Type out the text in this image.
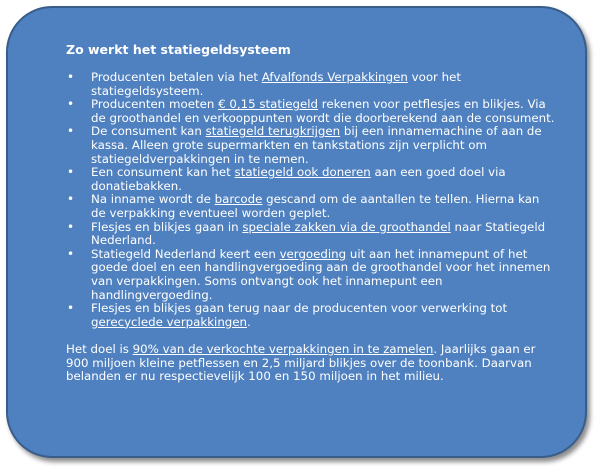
Zo werkt het statiegeldsysteem
• Producenten betalen via het Afvalfonds Verpakkingen voor het statiegeldsysteem.
• Producenten moeten € 0,15 statiegeld rekenen voor petflesjes en blikjes. Via de groothandel en verkooppunten wordt die doorberekend aan de consument.
• De consument kan statiegeld terugkrijgen bij een innamemachine of aan de kassa. Alleen grote supermarkten en tankstations zijn verplicht om statiegeldverpakkingen in te nemen.
• Een consument kan het statiegeld ook doneren aan een goed doel via donatiebakken.
• Na inname wordt de barcode gescand om de aantallen te tellen. Hierna kan de verpakking eventueel worden geplet.
• Flesjes en blikjes gaan in speciale zakken via de groothandel naar Statiegeld Nederland.
• Statiegeld Nederland keert een vergoeding uit aan het innamepunt of het goede doel en een handlingvergoeding aan de groothandel voor het innemen van verpakkingen. Soms ontvangt ook het innamepunt een handlingvergoeding.
• Flesjes en blikjes gaan terug naar de producenten voor verwerking tot gerecyclede verpakkingen.

Het doel is 90% van de verkochte verpakkingen in te zamelen. Jaarlijks gaan er 900 miljoen kleine petflessen en 2,5 miljard blikjes over de toonbank. Daarvan belanden er nu respectievelijk 100 en 150 miljoen in het milieu.
